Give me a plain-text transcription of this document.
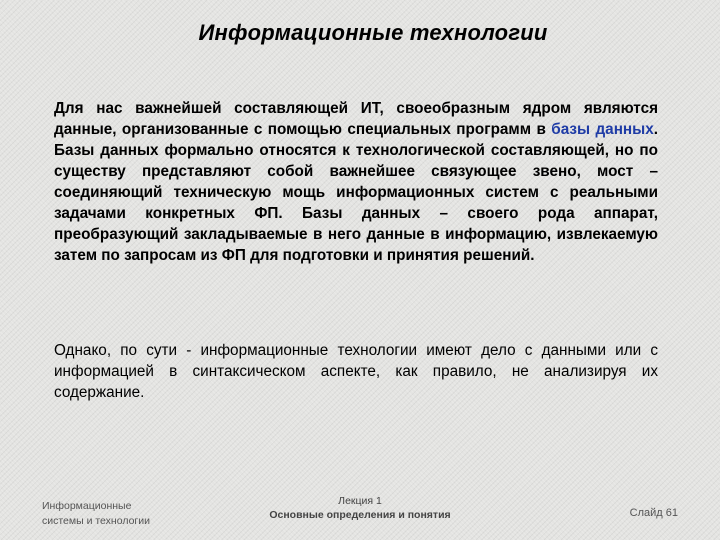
Информационные технологии

Для нас важнейшей составляющей ИТ, своеобразным ядром являются данные, организованные с помощью специальных программ в базы данных. Базы данных формально относятся к технологической составляющей, но по существу представляют собой важнейшее связующее звено, мост – соединяющий техническую мощь информационных систем с реальными задачами конкретных ФП. Базы данных – своего рода аппарат, преобразующий закладываемые в него данные в информацию, извлекаемую затем по запросам из ФП для подготовки и принятия решений.

Однако, по сути - информационные технологии имеют дело с данными или с информацией в синтаксическом аспекте, как правило, не анализируя их содержание.

Информационные
системы и технологии
Лекция 1
Основные определения и понятия	Слайд 61
